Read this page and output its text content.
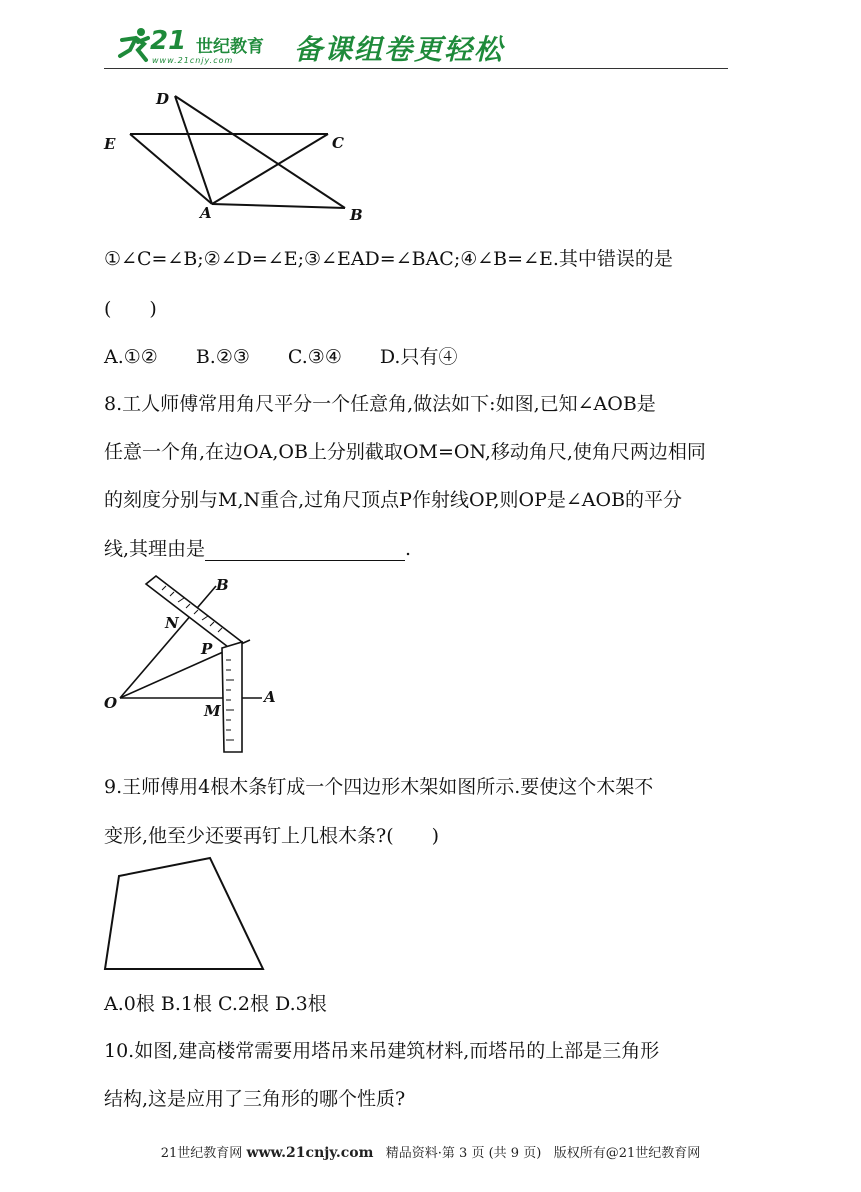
21 世纪教育
www.21cnjy.com 备课组卷更轻松
D
E	C
A	B
①∠C=∠B;②∠D=∠E;③∠EAD=∠BAC;④∠B=∠E.其中错误的是
(　　)
A.①②　　B.②③　　C.③④　　D.只有④
8.工人师傅常用角尺平分一个任意角,做法如下:如图,已知∠AOB是
任意一个角,在边OA,OB上分别截取OM=ON,移动角尺,使角尺两边相同
的刻度分别与M,N重合,过角尺顶点P作射线OP,则OP是∠AOB的平分
线,其理由是	.
B
N
P
O	A
M
9.王师傅用4根木条钉成一个四边形木架如图所示.要使这个木架不
变形,他至少还要再钉上几根木条?(　　)
A.0根 B.1根 C.2根 D.3根
10.如图,建高楼常需要用塔吊来吊建筑材料,而塔吊的上部是三角形
结构,这是应用了三角形的哪个性质?
21世纪教育网 www.21cnjy.com 精品资料·第 3 页 (共 9 页) 版权所有@21世纪教育网
